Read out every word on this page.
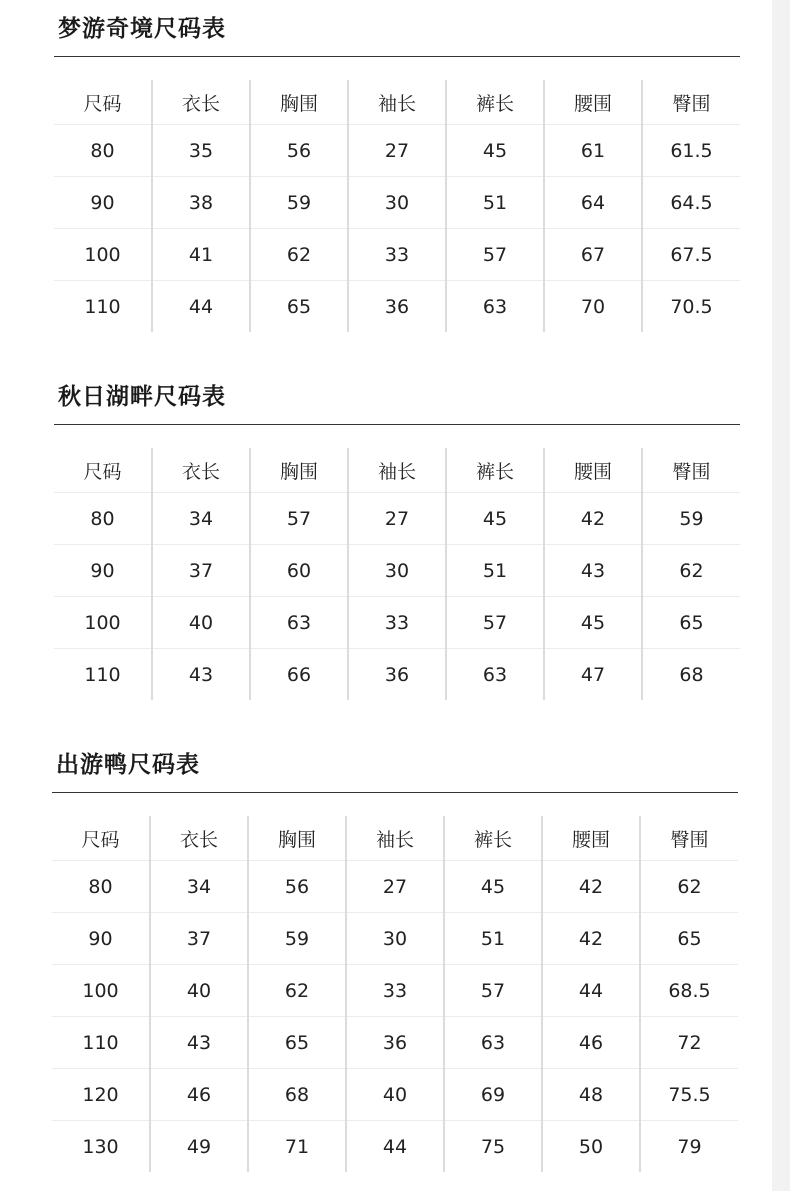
梦游奇境尺码表
尺码	衣长	胸围	袖长	裤长	腰围	臀围
80	35	56	27	45	61	61.5
90	38	59	30	51	64	64.5
100	41	62	33	57	67	67.5
110	44	65	36	63	70	70.5
秋日湖畔尺码表
尺码	衣长	胸围	袖长	裤长	腰围	臀围
80	34	57	27	45	42	59
90	37	60	30	51	43	62
100	40	63	33	57	45	65
110	43	66	36	63	47	68
出游鸭尺码表
尺码	衣长	胸围	袖长	裤长	腰围	臀围
80	34	56	27	45	42	62
90	37	59	30	51	42	65
100	40	62	33	57	44	68.5
110	43	65	36	63	46	72
120	46	68	40	69	48	75.5
130	49	71	44	75	50	79
